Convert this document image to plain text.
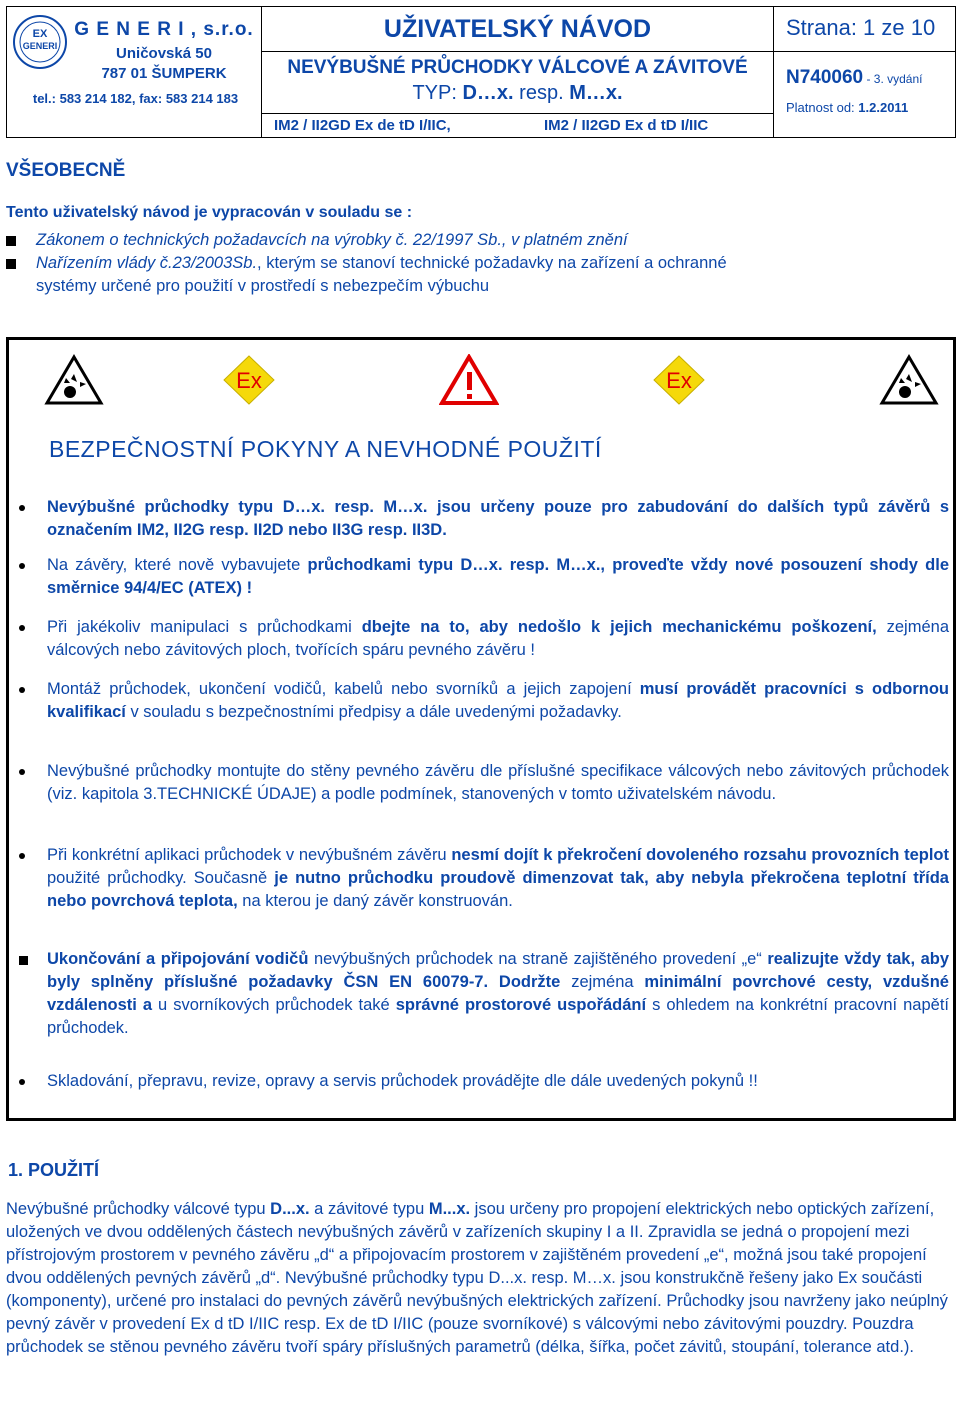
EX
GENERI
G E N E R I , s.r.o.
Uničovská 50
787 01 ŠUMPERK
tel.: 583 214 182, fax: 583 214 183
UŽIVATELSKÝ NÁVOD
NEVÝBUŠNÉ PRŮCHODKY VÁLCOVÉ A ZÁVITOVÉ
TYP: D…x. resp. M…x.
IM2 / II2GD Ex de tD I/IIC,	IM2 / II2GD Ex d tD I/IIC
Strana: 1 ze 10
N740060 - 3. vydání
Platnost od: 1.2.2011
VŠEOBECNĚ
Tento uživatelský návod je vypracován v souladu se :
Zákonem o technických požadavcích na výrobky č. 22/1997 Sb., v platném znění
Nařízením vlády č.23/2003Sb., kterým se stanoví technické požadavky na zařízení a ochranné
systémy určené pro použití v prostředí s nebezpečím výbuchu
Ex	Ex
BEZPEČNOSTNÍ POKYNY A NEVHODNÉ POUŽITÍ
Nevýbušné průchodky typu D…x. resp. M…x. jsou určeny pouze pro zabudování do dalších typů závěrů s označením IM2, II2G resp. II2D nebo II3G resp. II3D.
Na závěry, které nově vybavujete průchodkami typu D…x. resp. M…x., proveďte vždy nové posouzení shody dle směrnice 94/4/EC (ATEX) !
Při jakékoliv manipulaci s průchodkami dbejte na to, aby nedošlo k jejich mechanickému poškození, zejména válcových nebo závitových ploch, tvořících spáru pevného závěru !
Montáž průchodek, ukončení vodičů, kabelů nebo svorníků a jejich zapojení musí provádět pracovníci s odbornou kvalifikací v souladu s bezpečnostními předpisy a dále uvedenými požadavky.
Nevýbušné průchodky montujte do stěny pevného závěru dle příslušné specifikace válcových nebo závitových průchodek (viz. kapitola 3.TECHNICKÉ ÚDAJE) a podle podmínek, stanovených v tomto uživatelském návodu.
Při konkrétní aplikaci průchodek v nevýbušném závěru nesmí dojít k překročení dovoleného rozsahu provozních teplot použité průchodky. Současně je nutno průchodku proudově dimenzovat tak, aby nebyla překročena teplotní třída nebo povrchová teplota, na kterou je daný závěr konstruován.
Ukončování a připojování vodičů nevýbušných průchodek na straně zajištěného provedení „e“ realizujte vždy tak, aby byly splněny příslušné požadavky ČSN EN 60079-7. Dodržte zejména minimální povrchové cesty, vzdušné vzdálenosti a u svorníkových průchodek také správné prostorové uspořádání s ohledem na konkrétní pracovní napětí průchodek.
Skladování, přepravu, revize, opravy a servis průchodek provádějte dle dále uvedených pokynů !!
1. POUŽITÍ
Nevýbušné průchodky válcové typu D...x. a závitové typu M...x. jsou určeny pro propojení elektrických nebo optických zařízení, uložených ve dvou oddělených částech nevýbušných závěrů v zařízeních skupiny I a II. Zpravidla se jedná o propojení mezi přístrojovým prostorem v pevného závěru „d“ a připojovacím prostorem v zajištěném provedení „e“, možná jsou také propojení dvou oddělených pevných závěrů „d“. Nevýbušné průchodky typu D...x. resp. M…x. jsou konstrukčně řešeny jako Ex součásti (komponenty), určené pro instalaci do pevných závěrů nevýbušných elektrických zařízení. Průchodky jsou navrženy jako neúplný pevný závěr v provedení Ex d tD I/IIC resp. Ex de tD I/IIC (pouze svorníkové) s válcovými nebo závitovými pouzdry. Pouzdra průchodek se stěnou pevného závěru tvoří spáry příslušných parametrů (délka, šířka, počet závitů, stoupání, tolerance atd.).
